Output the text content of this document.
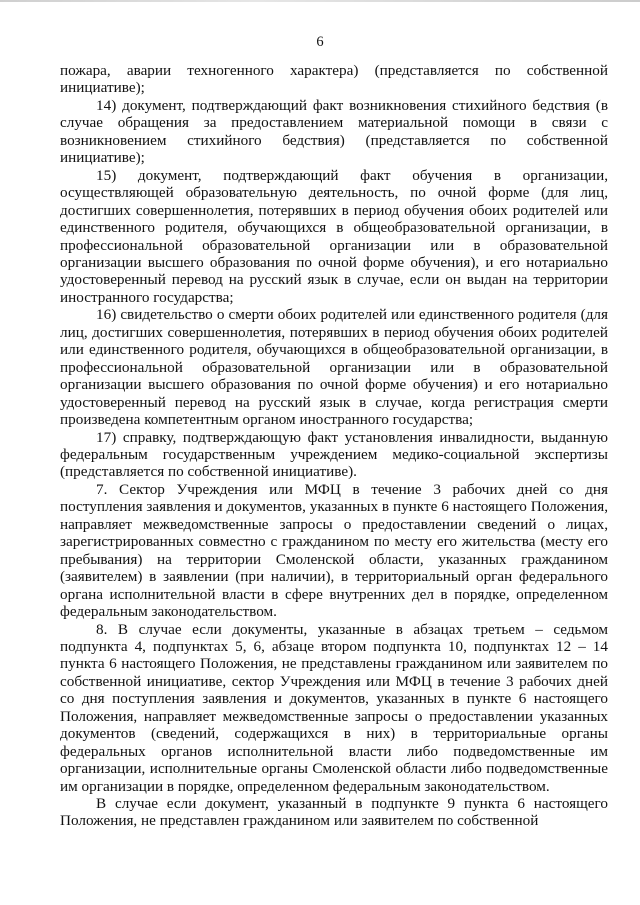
6

пожара, аварии техногенного характера) (представляется по собственной инициативе);

14) документ, подтверждающий факт возникновения стихийного бедствия (в случае обращения за предоставлением материальной помощи в связи с возникновением стихийного бедствия) (представляется по собственной инициативе);

15) документ, подтверждающий факт обучения в организации, осуществляющей образовательную деятельность, по очной форме (для лиц, достигших совершеннолетия, потерявших в период обучения обоих родителей или единственного родителя, обучающихся в общеобразовательной организации, в профессиональной образовательной организации или в образовательной организации высшего образования по очной форме обучения), и его нотариально удостоверенный перевод на русский язык в случае, если он выдан на территории иностранного государства;

16) свидетельство о смерти обоих родителей или единственного родителя (для лиц, достигших совершеннолетия, потерявших в период обучения обоих родителей или единственного родителя, обучающихся в общеобразовательной организации, в профессиональной образовательной организации или в образовательной организации высшего образования по очной форме обучения) и его нотариально удостоверенный перевод на русский язык в случае, когда регистрация смерти произведена компетентным органом иностранного государства;

17) справку, подтверждающую факт установления инвалидности, выданную федеральным государственным учреждением медико-социальной экспертизы (представляется по собственной инициативе).

7. Сектор Учреждения или МФЦ в течение 3 рабочих дней со дня поступления заявления и документов, указанных в пункте 6 настоящего Положения, направляет межведомственные запросы о предоставлении сведений о лицах, зарегистрированных совместно с гражданином по месту его жительства (месту его пребывания) на территории Смоленской области, указанных гражданином (заявителем) в заявлении (при наличии), в территориальный орган федерального органа исполнительной власти в сфере внутренних дел в порядке, определенном федеральным законодательством.

8. В случае если документы, указанные в абзацах третьем – седьмом подпункта 4, подпунктах 5, 6, абзаце втором подпункта 10, подпунктах 12 – 14 пункта 6 настоящего Положения, не представлены гражданином или заявителем по собственной инициативе, сектор Учреждения или МФЦ в течение 3 рабочих дней со дня поступления заявления и документов, указанных в пункте 6 настоящего Положения, направляет межведомственные запросы о предоставлении указанных документов (сведений, содержащихся в них) в территориальные органы федеральных органов исполнительной власти либо подведомственные им организации, исполнительные органы Смоленской области либо подведомственные им организации в порядке, определенном федеральным законодательством.

В случае если документ, указанный в подпункте 9 пункта 6 настоящего Положения, не представлен гражданином или заявителем по собственной
